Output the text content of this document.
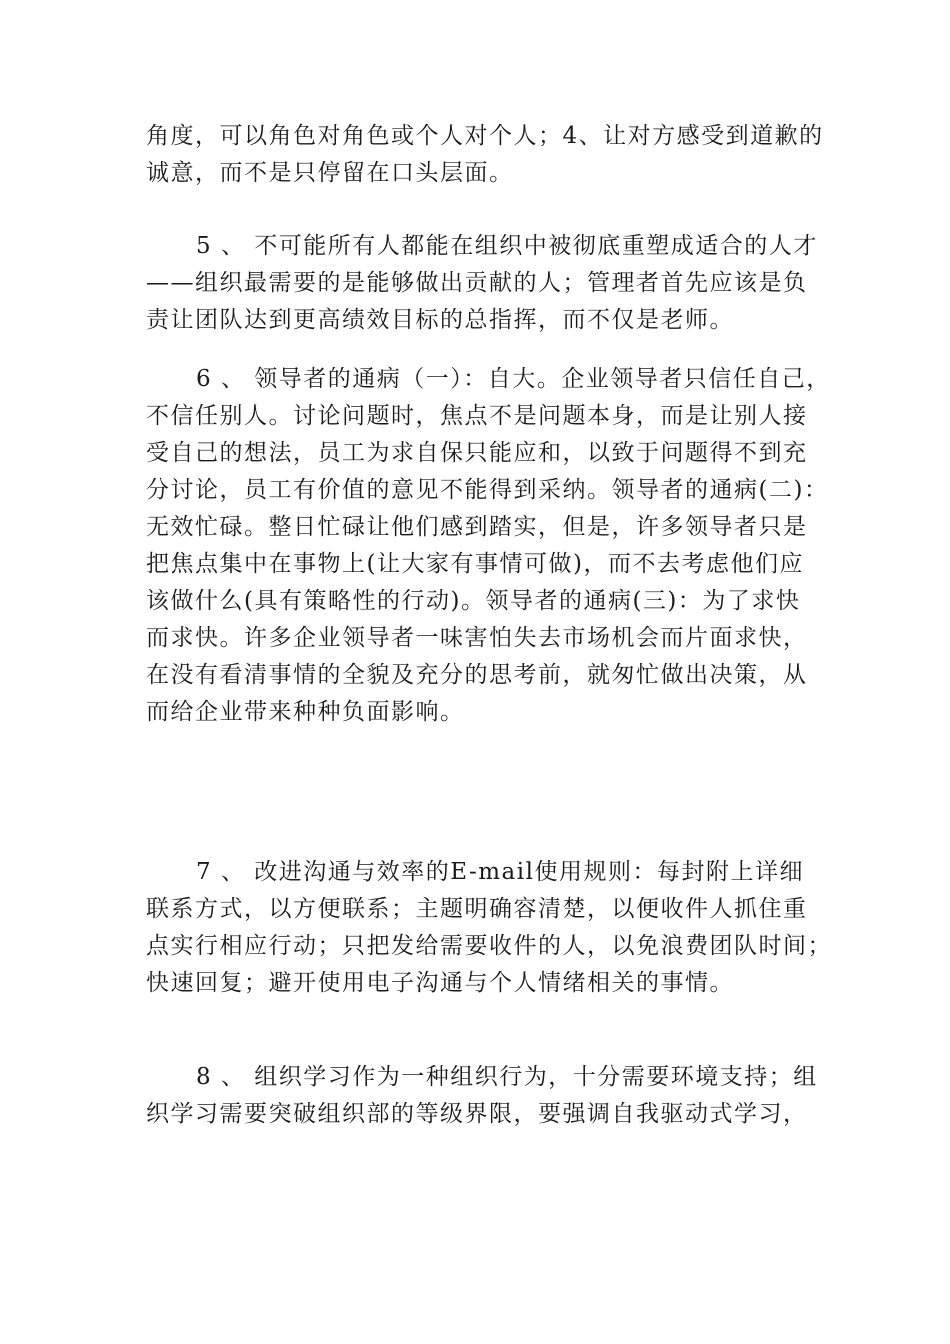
角度，可以角色对角色或个人对个人；4、让对方感受到道歉的
诚意，而不是只停留在口头层面。

5 、 不可能所有人都能在组织中被彻底重塑成适合的人才
——组织最需要的是能够做出贡献的人；管理者首先应该是负
责让团队达到更高绩效目标的总指挥，而不仅是老师。

6 、 领导者的通病（一）：自大。企业领导者只信任自己，
不信任别人。讨论问题时，焦点不是问题本身，而是让别人接
受自己的想法，员工为求自保只能应和，以致于问题得不到充
分讨论，员工有价值的意见不能得到采纳。领导者的通病(二)：
无效忙碌。整日忙碌让他们感到踏实，但是，许多领导者只是
把焦点集中在事物上(让大家有事情可做)，而不去考虑他们应
该做什么(具有策略性的行动)。领导者的通病(三)：为了求快
而求快。许多企业领导者一味害怕失去市场机会而片面求快，
在没有看清事情的全貌及充分的思考前，就匆忙做出决策，从
而给企业带来种种负面影响。

7 、 改进沟通与效率的E-mail使用规则：每封附上详细
联系方式，以方便联系；主题明确容清楚，以便收件人抓住重
点实行相应行动；只把发给需要收件的人，以免浪费团队时间；
快速回复；避开使用电子沟通与个人情绪相关的事情。

8 、 组织学习作为一种组织行为，十分需要环境支持；组
织学习需要突破组织部的等级界限，要强调自我驱动式学习，
